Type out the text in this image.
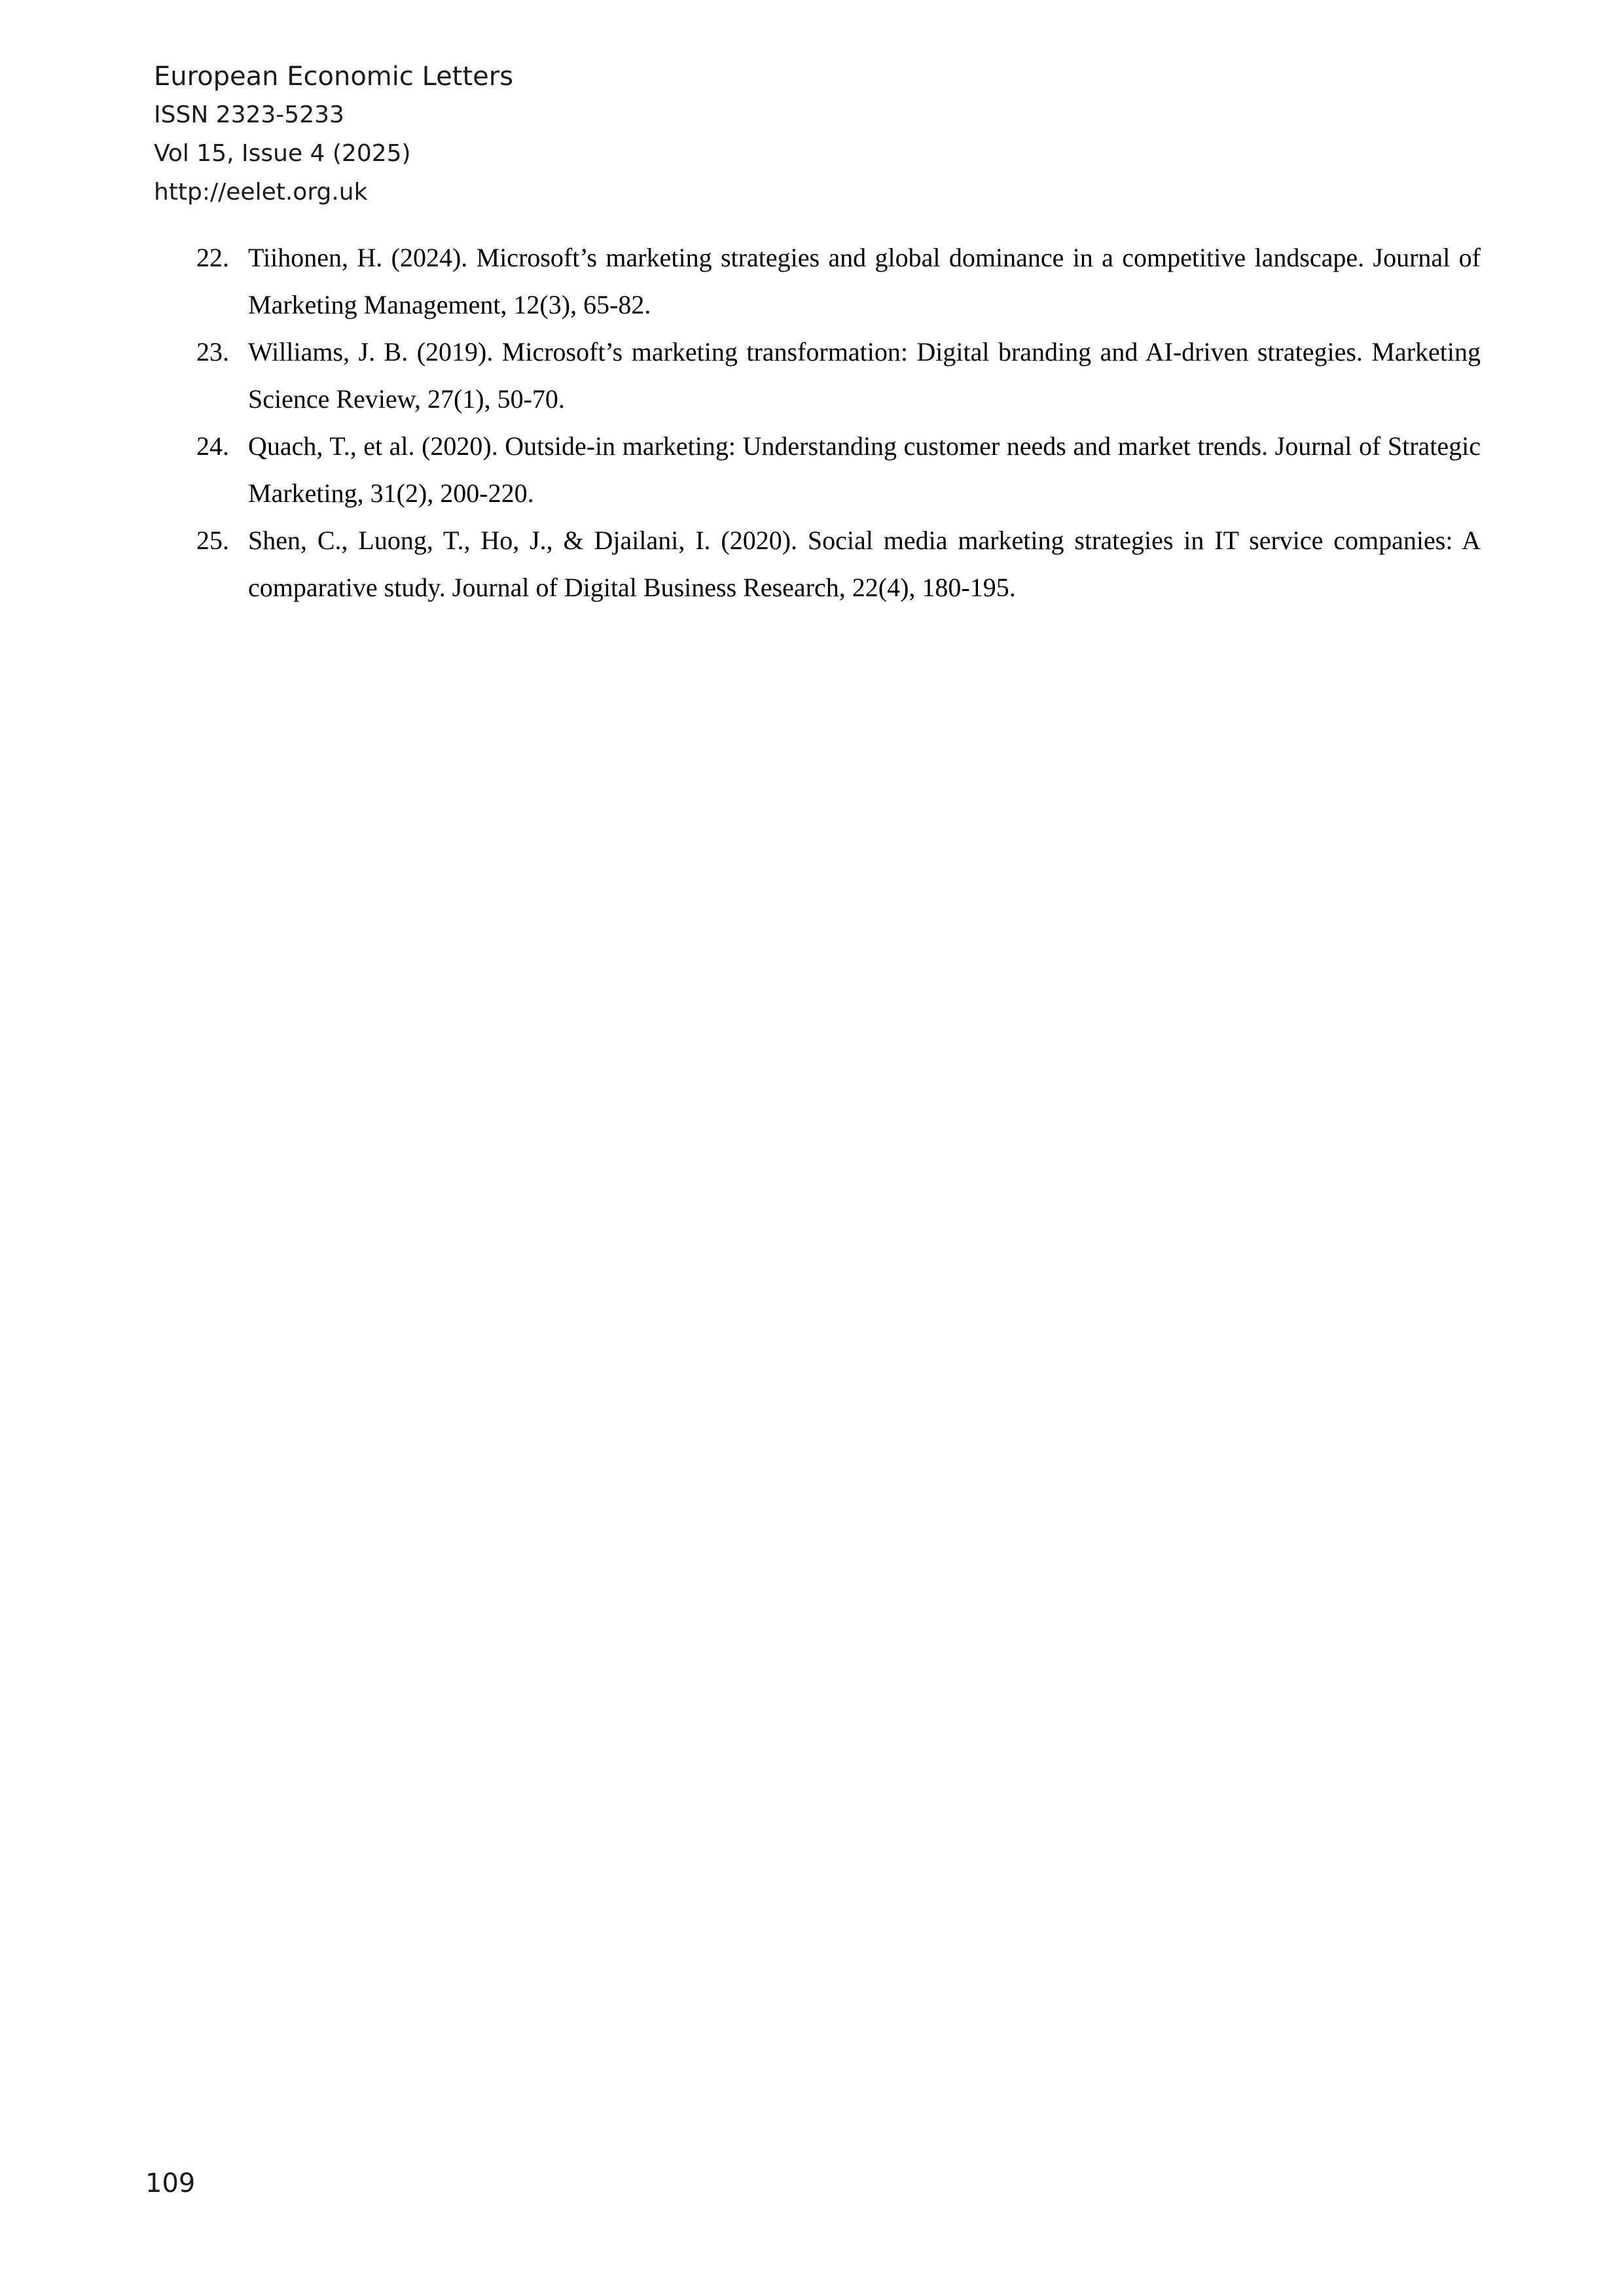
European Economic Letters
ISSN 2323-5233
Vol 15, Issue 4 (2025)
http://eelet.org.uk
22. Tiihonen, H. (2024). Microsoft’s marketing strategies and global dominance in a competitive landscape. Journal of Marketing Management, 12(3), 65-82.
23. Williams, J. B. (2019). Microsoft’s marketing transformation: Digital branding and AI-driven strategies. Marketing Science Review, 27(1), 50-70.
24. Quach, T., et al. (2020). Outside-in marketing: Understanding customer needs and market trends. Journal of Strategic Marketing, 31(2), 200-220.
25. Shen, C., Luong, T., Ho, J., & Djailani, I. (2020). Social media marketing strategies in IT service companies: A comparative study. Journal of Digital Business Research, 22(4), 180-195.
109
